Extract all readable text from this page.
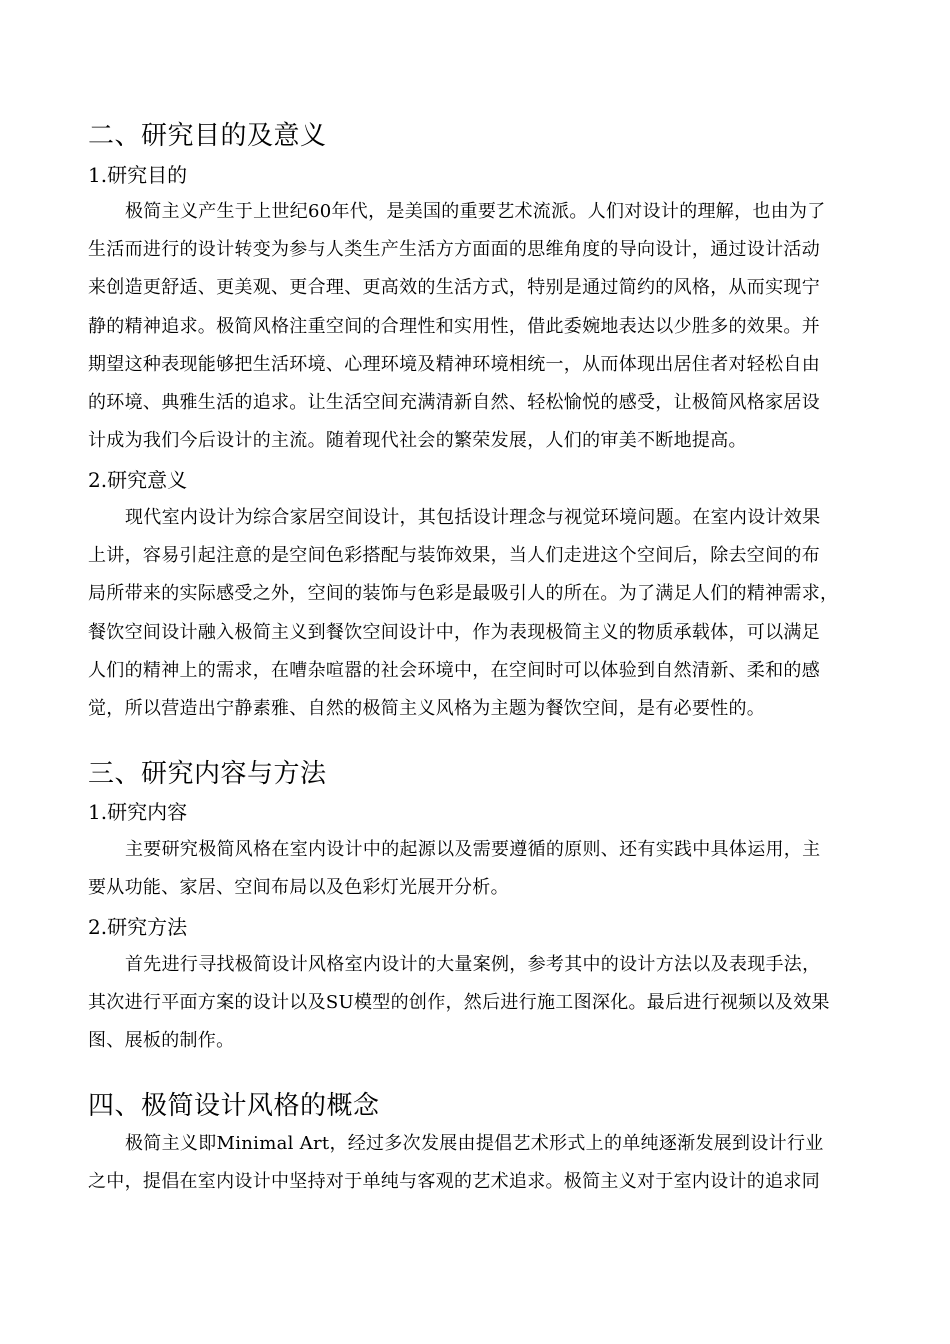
二、研究目的及意义
1.研究目的
极简主义产生于上世纪60年代，是美国的重要艺术流派。人们对设计的理解，也由为了
生活而进行的设计转变为参与人类生产生活方方面面的思维角度的导向设计，通过设计活动
来创造更舒适、更美观、更合理、更高效的生活方式，特别是通过简约的风格，从而实现宁
静的精神追求。极简风格注重空间的合理性和实用性，借此委婉地表达以少胜多的效果。并
期望这种表现能够把生活环境、心理环境及精神环境相统一，从而体现出居住者对轻松自由
的环境、典雅生活的追求。让生活空间充满清新自然、轻松愉悦的感受，让极简风格家居设
计成为我们今后设计的主流。随着现代社会的繁荣发展，人们的审美不断地提高。
2.研究意义
现代室内设计为综合家居空间设计，其包括设计理念与视觉环境问题。在室内设计效果
上讲，容易引起注意的是空间色彩搭配与装饰效果，当人们走进这个空间后，除去空间的布
局所带来的实际感受之外，空间的装饰与色彩是最吸引人的所在。为了满足人们的精神需求，
餐饮空间设计融入极简主义到餐饮空间设计中，作为表现极简主义的物质承载体，可以满足
人们的精神上的需求，在嘈杂喧嚣的社会环境中，在空间时可以体验到自然清新、柔和的感
觉，所以营造出宁静素雅、自然的极简主义风格为主题为餐饮空间，是有必要性的。
三、研究内容与方法
1.研究内容
主要研究极简风格在室内设计中的起源以及需要遵循的原则、还有实践中具体运用，主
要从功能、家居、空间布局以及色彩灯光展开分析。
2.研究方法
首先进行寻找极简设计风格室内设计的大量案例，参考其中的设计方法以及表现手法，
其次进行平面方案的设计以及SU模型的创作，然后进行施工图深化。最后进行视频以及效果
图、展板的制作。
四、极简设计风格的概念
极简主义即Minimal Art，经过多次发展由提倡艺术形式上的单纯逐渐发展到设计行业
之中，提倡在室内设计中坚持对于单纯与客观的艺术追求。极简主义对于室内设计的追求同
